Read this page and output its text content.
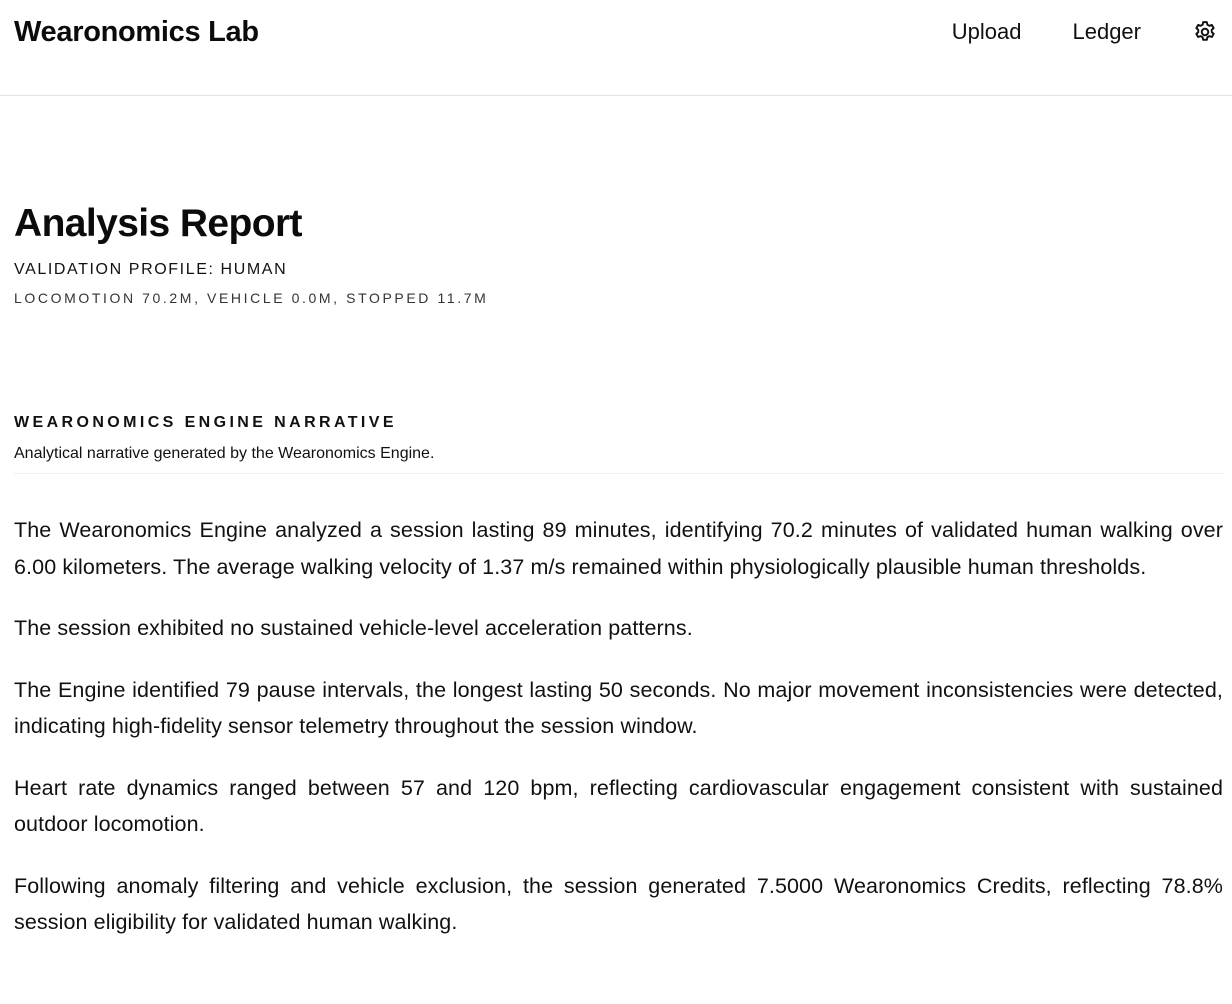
Wearonomics Lab	Upload Ledger
Analysis Report
VALIDATION PROFILE: HUMAN
LOCOMOTION 70.2M, VEHICLE 0.0M, STOPPED 11.7M
WEARONOMICS ENGINE NARRATIVE
Analytical narrative generated by the Wearonomics Engine.

The Wearonomics Engine analyzed a session lasting 89 minutes, identifying 70.2 minutes of validated human walking over 6.00 kilometers. The average walking velocity of 1.37 m/s remained within physiologically plausible human thresholds.

The session exhibited no sustained vehicle-level acceleration patterns.

The Engine identified 79 pause intervals, the longest lasting 50 seconds. No major movement inconsistencies were detected, indicating high-fidelity sensor telemetry throughout the session window.

Heart rate dynamics ranged between 57 and 120 bpm, reflecting cardiovascular engagement consistent with sustained outdoor locomotion.

Following anomaly filtering and vehicle exclusion, the session generated 7.5000 Wearonomics Credits, reflecting 78.8% session eligibility for validated human walking.
